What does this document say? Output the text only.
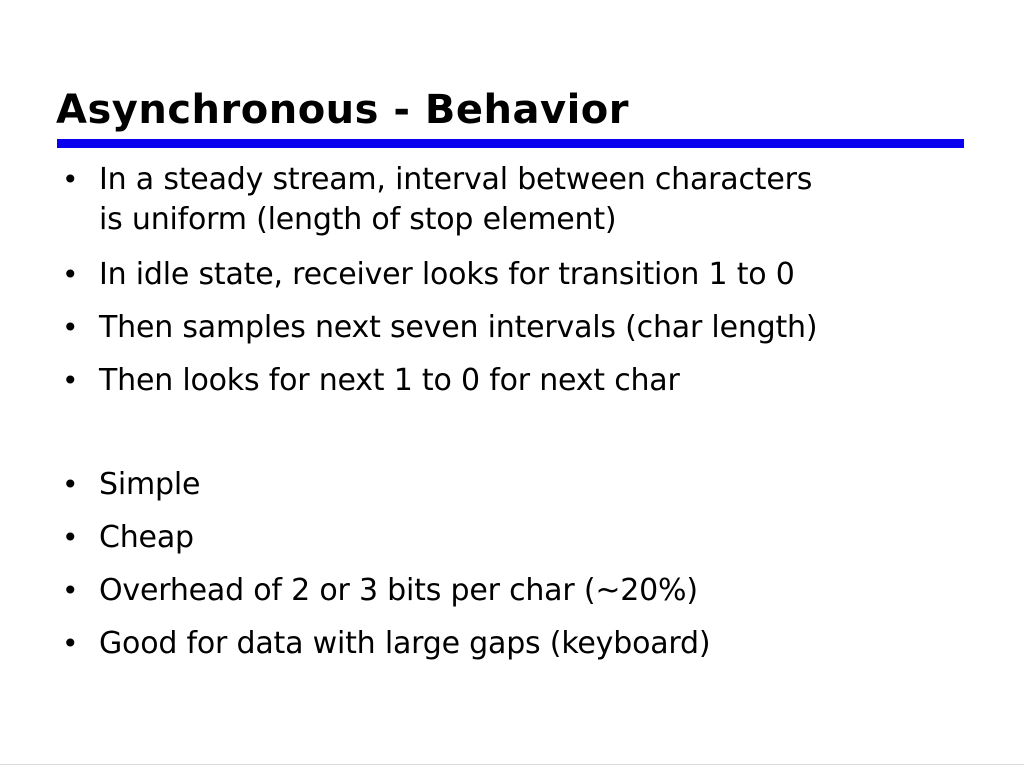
Asynchronous - Behavior
• In a steady stream, interval between characters
is uniform (length of stop element)
• In idle state, receiver looks for transition 1 to 0
• Then samples next seven intervals (char length)
• Then looks for next 1 to 0 for next char
• Simple
• Cheap
• Overhead of 2 or 3 bits per char (~20%)
• Good for data with large gaps (keyboard)
